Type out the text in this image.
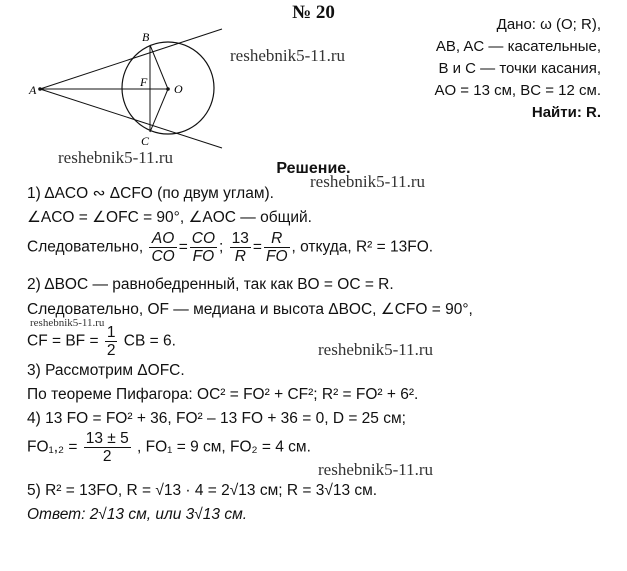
№ 20
A
B
C
O
F
Дано: ω (O; R),
AB, AC — касательные,
B и C — точки касания,
AO = 13 см, BC = 12 см.
Найти: R.
reshebnik5-11.ru
reshebnik5-11.ru
reshebnik5-11.ru
reshebnik5-11.ru
reshebnik5-11.ru
reshebnik5-11.ru
Решение.
1) ΔACO ∾ ΔCFO (по двум углам).
∠ACO = ∠OFC = 90°, ∠AOC — общий.
Следовательно, $\frac{AO}{CO} = \frac{CO}{FO}$ ; $\frac{13}{R} = \frac{R}{FO}$ , откуда, R² = 13FO.
2) ΔBOC — равнобедренный, так как BO = OC = R.
Следовательно, OF — медиана и высота ΔBOC, ∠CFO = 90°,
CF = BF = $\frac{1}{2}$ CB = 6.
3) Рассмотрим ΔOFC.
По теореме Пифагора: OC² = FO² + CF²; R² = FO² + 6².
4) 13 FO = FO² + 36, FO² – 13 FO + 36 = 0, D = 25 см;
$FO_1,_2 = \frac{13 \pm 5}{2}$ , FO₁ = 9 см, FO₂ = 4 см.
5) R² = 13FO, R = √13 · 4 = 2√13 см; R = 3√13 см.
Ответ: 2√13 см, или 3√13 см.
